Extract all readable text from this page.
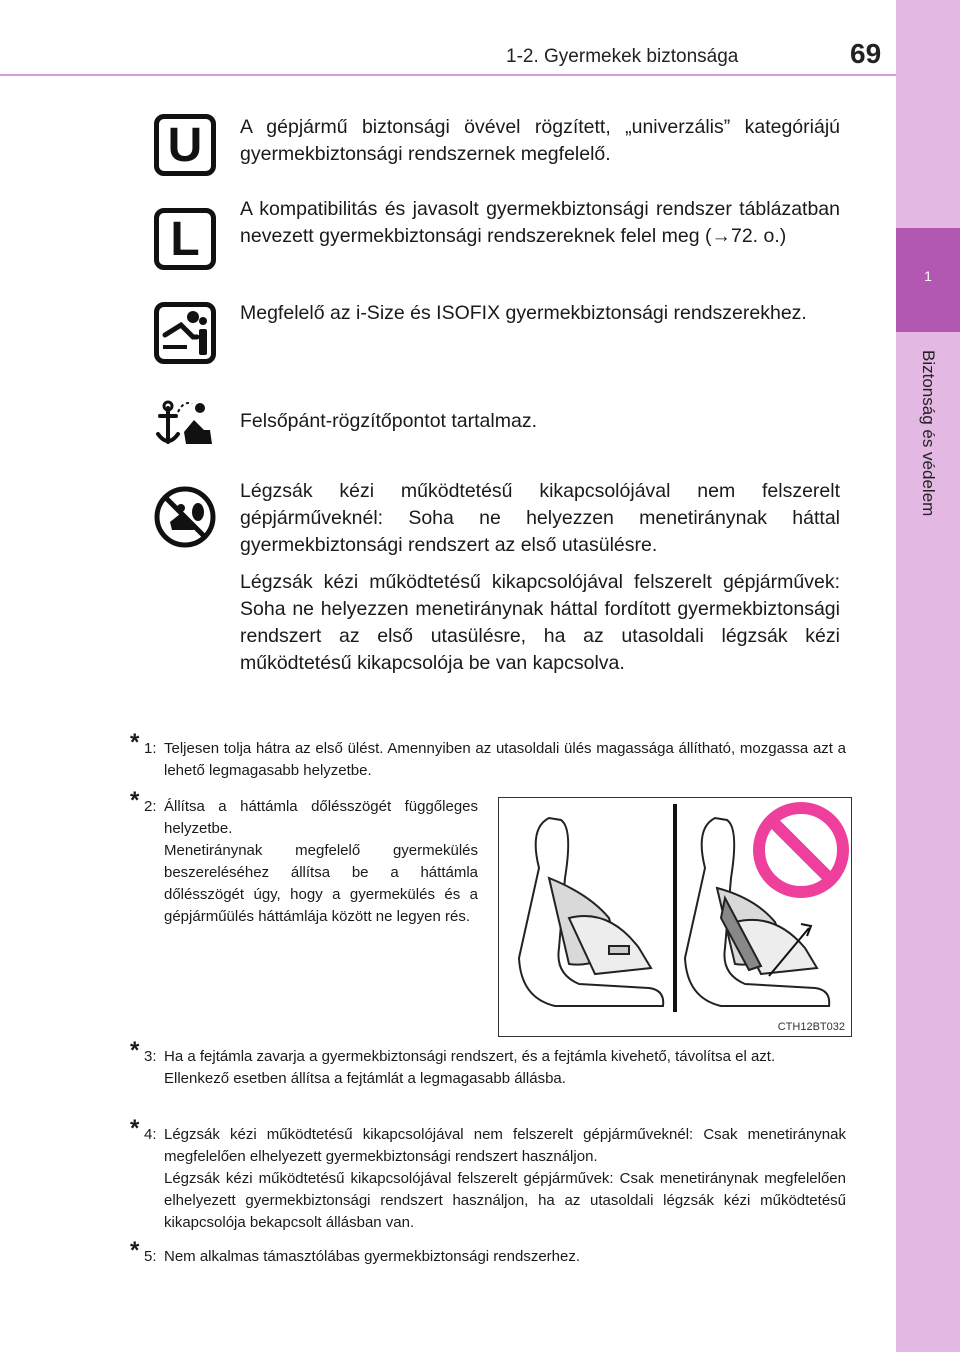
1-2. Gyermekek biztonsága	69
1
Biztonság és védelem
U	A gépjármű biztonsági övével rögzített, „univerzális” kategóriájú gyermekbiztonsági rendszernek megfelelő.

L

A kompatibilitás és javasolt gyermekbiztonsági rendszer táblázatban nevezett gyermekbiztonsági rendszereknek felel meg (→72. o.)

Megfelelő az i-Size és ISOFIX gyermekbiztonsági rendszerekhez.

Felsőpánt-rögzítőpontot tartalmaz.

Légzsák kézi működtetésű kikapcsolójával nem felszerelt gépjárműveknél: Soha ne helyezzen menetiránynak háttal gyermekbiztonsági rendszert az első utasülésre.

Légzsák kézi működtetésű kikapcsolójával felszerelt gépjárművek: Soha ne helyezzen menetiránynak háttal fordított gyermekbiztonsági rendszert az első utasülésre, ha az utasoldali légzsák kézi működtetésű kikapcsolója be van kapcsolva.

* 1: Teljesen tolja hátra az első ülést. Amennyiben az utasoldali ülés magassága állítható, mozgassa azt a lehető legmagasabb helyzetbe.

* 2: Állítsa a háttámla dőlésszögét függőleges helyzetbe.

Menetiránynak megfelelő gyermekülés beszereléséhez állítsa be a háttámla dőlésszögét úgy, hogy a gyermekülés és a gépjárműülés háttámlája között ne legyen rés.

CTH12BT032
* 3: Ha a fejtámla zavarja a gyermekbiztonsági rendszert, és a fejtámla kivehető, távolítsa el azt.

Ellenkező esetben állítsa a fejtámlát a legmagasabb állásba.

* 4: Légzsák kézi működtetésű kikapcsolójával nem felszerelt gépjárműveknél: Csak menetiránynak megfelelően elhelyezett gyermekbiztonsági rendszert használjon.

Légzsák kézi működtetésű kikapcsolójával felszerelt gépjárművek: Csak menetiránynak megfelelően elhelyezett gyermekbiztonsági rendszert használjon, ha az utasoldali légzsák kézi működtetésű kikapcsolója bekapcsolt állásban van.

* 5: Nem alkalmas támasztólábas gyermekbiztonsági rendszerhez.
